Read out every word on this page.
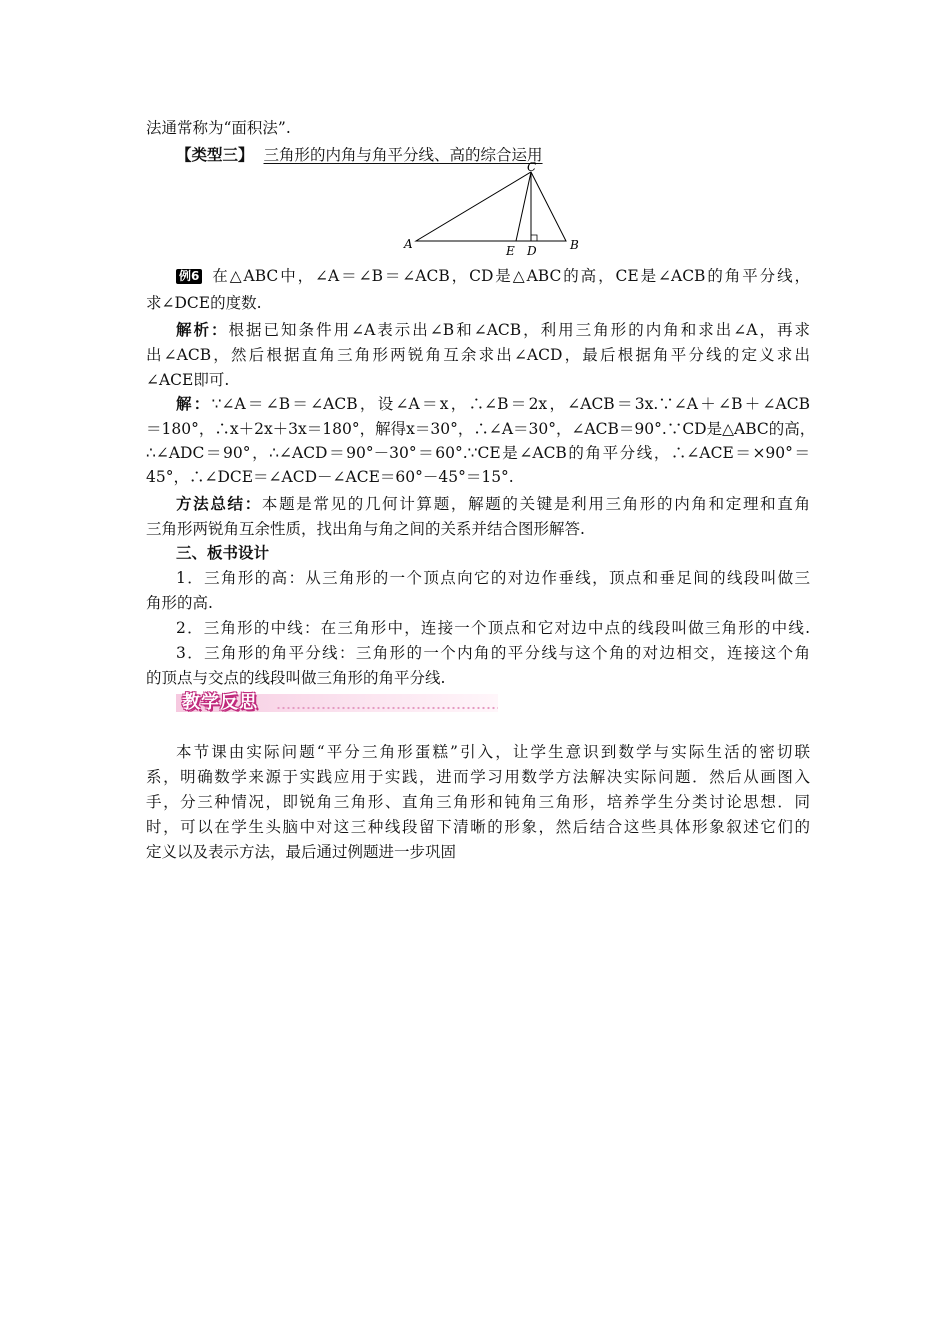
法通常称为“面积法”.
【类型三】 三角形的内角与角平分线、高的综合运用
A	B
C
E D
例6 在△ABC中，∠A＝∠B＝∠ACB，CD是△ABC的高，CE是∠ACB的角平分线，
求∠DCE的度数.
解析：根据已知条件用∠A表示出∠B和∠ACB，利用三角形的内角和求出∠A，再求
出∠ACB，然后根据直角三角形两锐角互余求出∠ACD，最后根据角平分线的定义求出
∠ACE即可.
解：∵∠A＝∠B＝∠ACB，设∠A＝x，∴∠B＝2x，∠ACB＝3x.∵∠A＋∠B＋∠ACB
＝180°，∴x＋2x＋3x＝180°，解得x＝30°，∴∠A＝30°，∠ACB＝90°.∵CD是△ABC的高，
∴∠ADC＝90°，∴∠ACD＝90°－30°＝60°.∵CE是∠ACB的角平分线，∴∠ACE＝×90°＝
45°，∴∠DCE＝∠ACD－∠ACE＝60°－45°＝15°.
方法总结：本题是常见的几何计算题，解题的关键是利用三角形的内角和定理和直角
三角形两锐角互余性质，找出角与角之间的关系并结合图形解答.
三、板书设计
1．三角形的高：从三角形的一个顶点向它的对边作垂线，顶点和垂足间的线段叫做三
角形的高.
2．三角形的中线：在三角形中，连接一个顶点和它对边中点的线段叫做三角形的中线.
3．三角形的角平分线：三角形的一个内角的平分线与这个角的对边相交，连接这个角
的顶点与交点的线段叫做三角形的角平分线.
教学反思
本节课由实际问题“平分三角形蛋糕”引入，让学生意识到数学与实际生活的密切联
系，明确数学来源于实践应用于实践，进而学习用数学方法解决实际问题．然后从画图入
手，分三种情况，即锐角三角形、直角三角形和钝角三角形，培养学生分类讨论思想．同
时，可以在学生头脑中对这三种线段留下清晰的形象，然后结合这些具体形象叙述它们的
定义以及表示方法，最后通过例题进一步巩固
